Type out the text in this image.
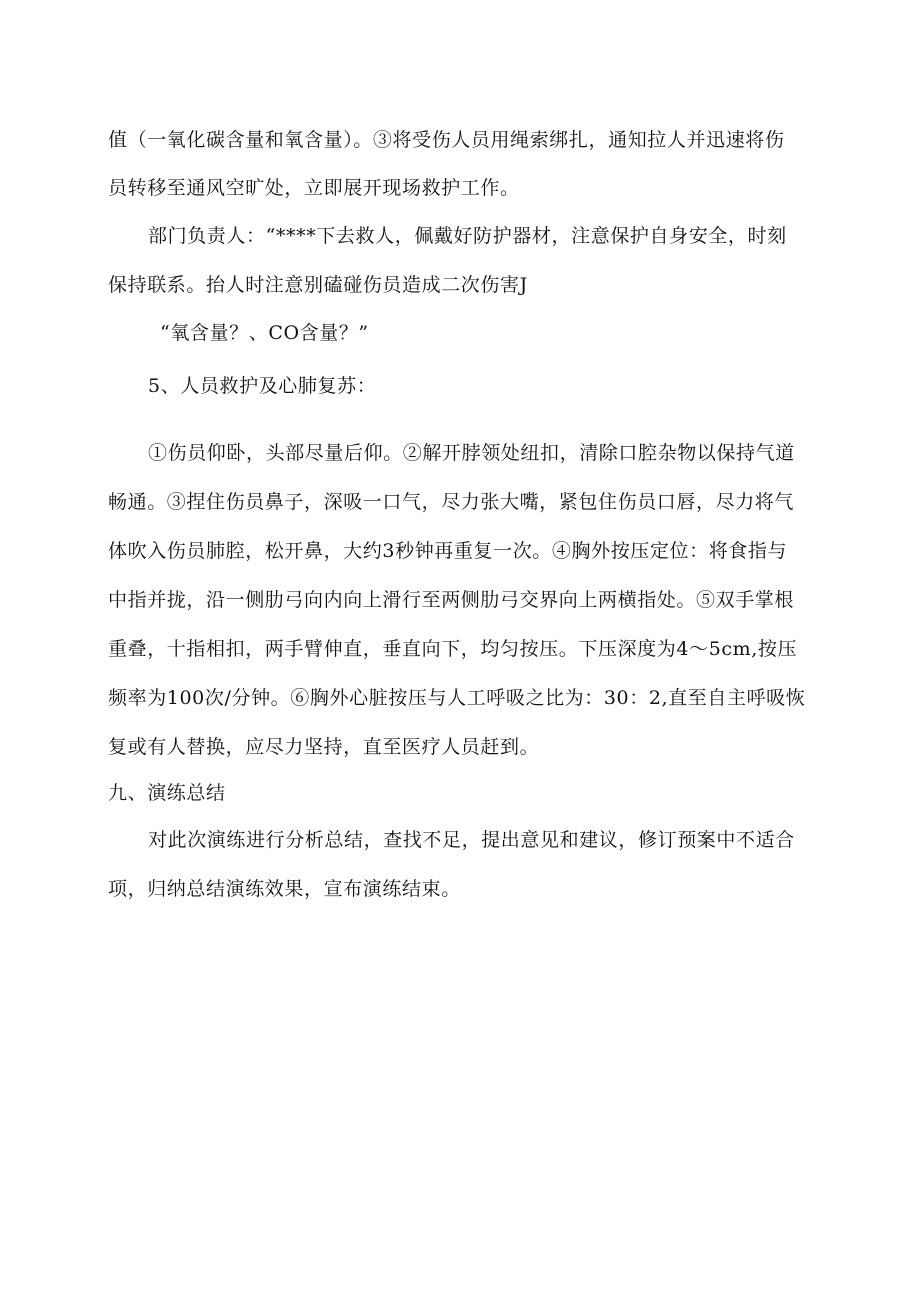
值（一氧化碳含量和氧含量）。③将受伤人员用绳索绑扎，通知拉人并迅速将伤
员转移至通风空旷处，立即展开现场救护工作。
部门负责人：“****下去救人，佩戴好防护器材，注意保护自身安全，时刻
保持联系。抬人时注意别磕碰伤员造成二次伤害J
“氧含量？、CO含量？”
5、人员救护及心肺复苏：
①伤员仰卧，头部尽量后仰。②解开脖领处纽扣，清除口腔杂物以保持气道
畅通。③捏住伤员鼻子，深吸一口气，尽力张大嘴，紧包住伤员口唇，尽力将气
体吹入伤员肺腔，松开鼻，大约3秒钟再重复一次。④胸外按压定位：将食指与
中指并拢，沿一侧肋弓向内向上滑行至两侧肋弓交界向上两横指处。⑤双手掌根
重叠，十指相扣，两手臂伸直，垂直向下，均匀按压。下压深度为4～5cm,按压
频率为100次/分钟。⑥胸外心脏按压与人工呼吸之比为：30：2,直至自主呼吸恢
复或有人替换，应尽力坚持，直至医疗人员赶到。
九、演练总结
对此次演练进行分析总结，查找不足，提出意见和建议，修订预案中不适合
项，归纳总结演练效果，宣布演练结束。
